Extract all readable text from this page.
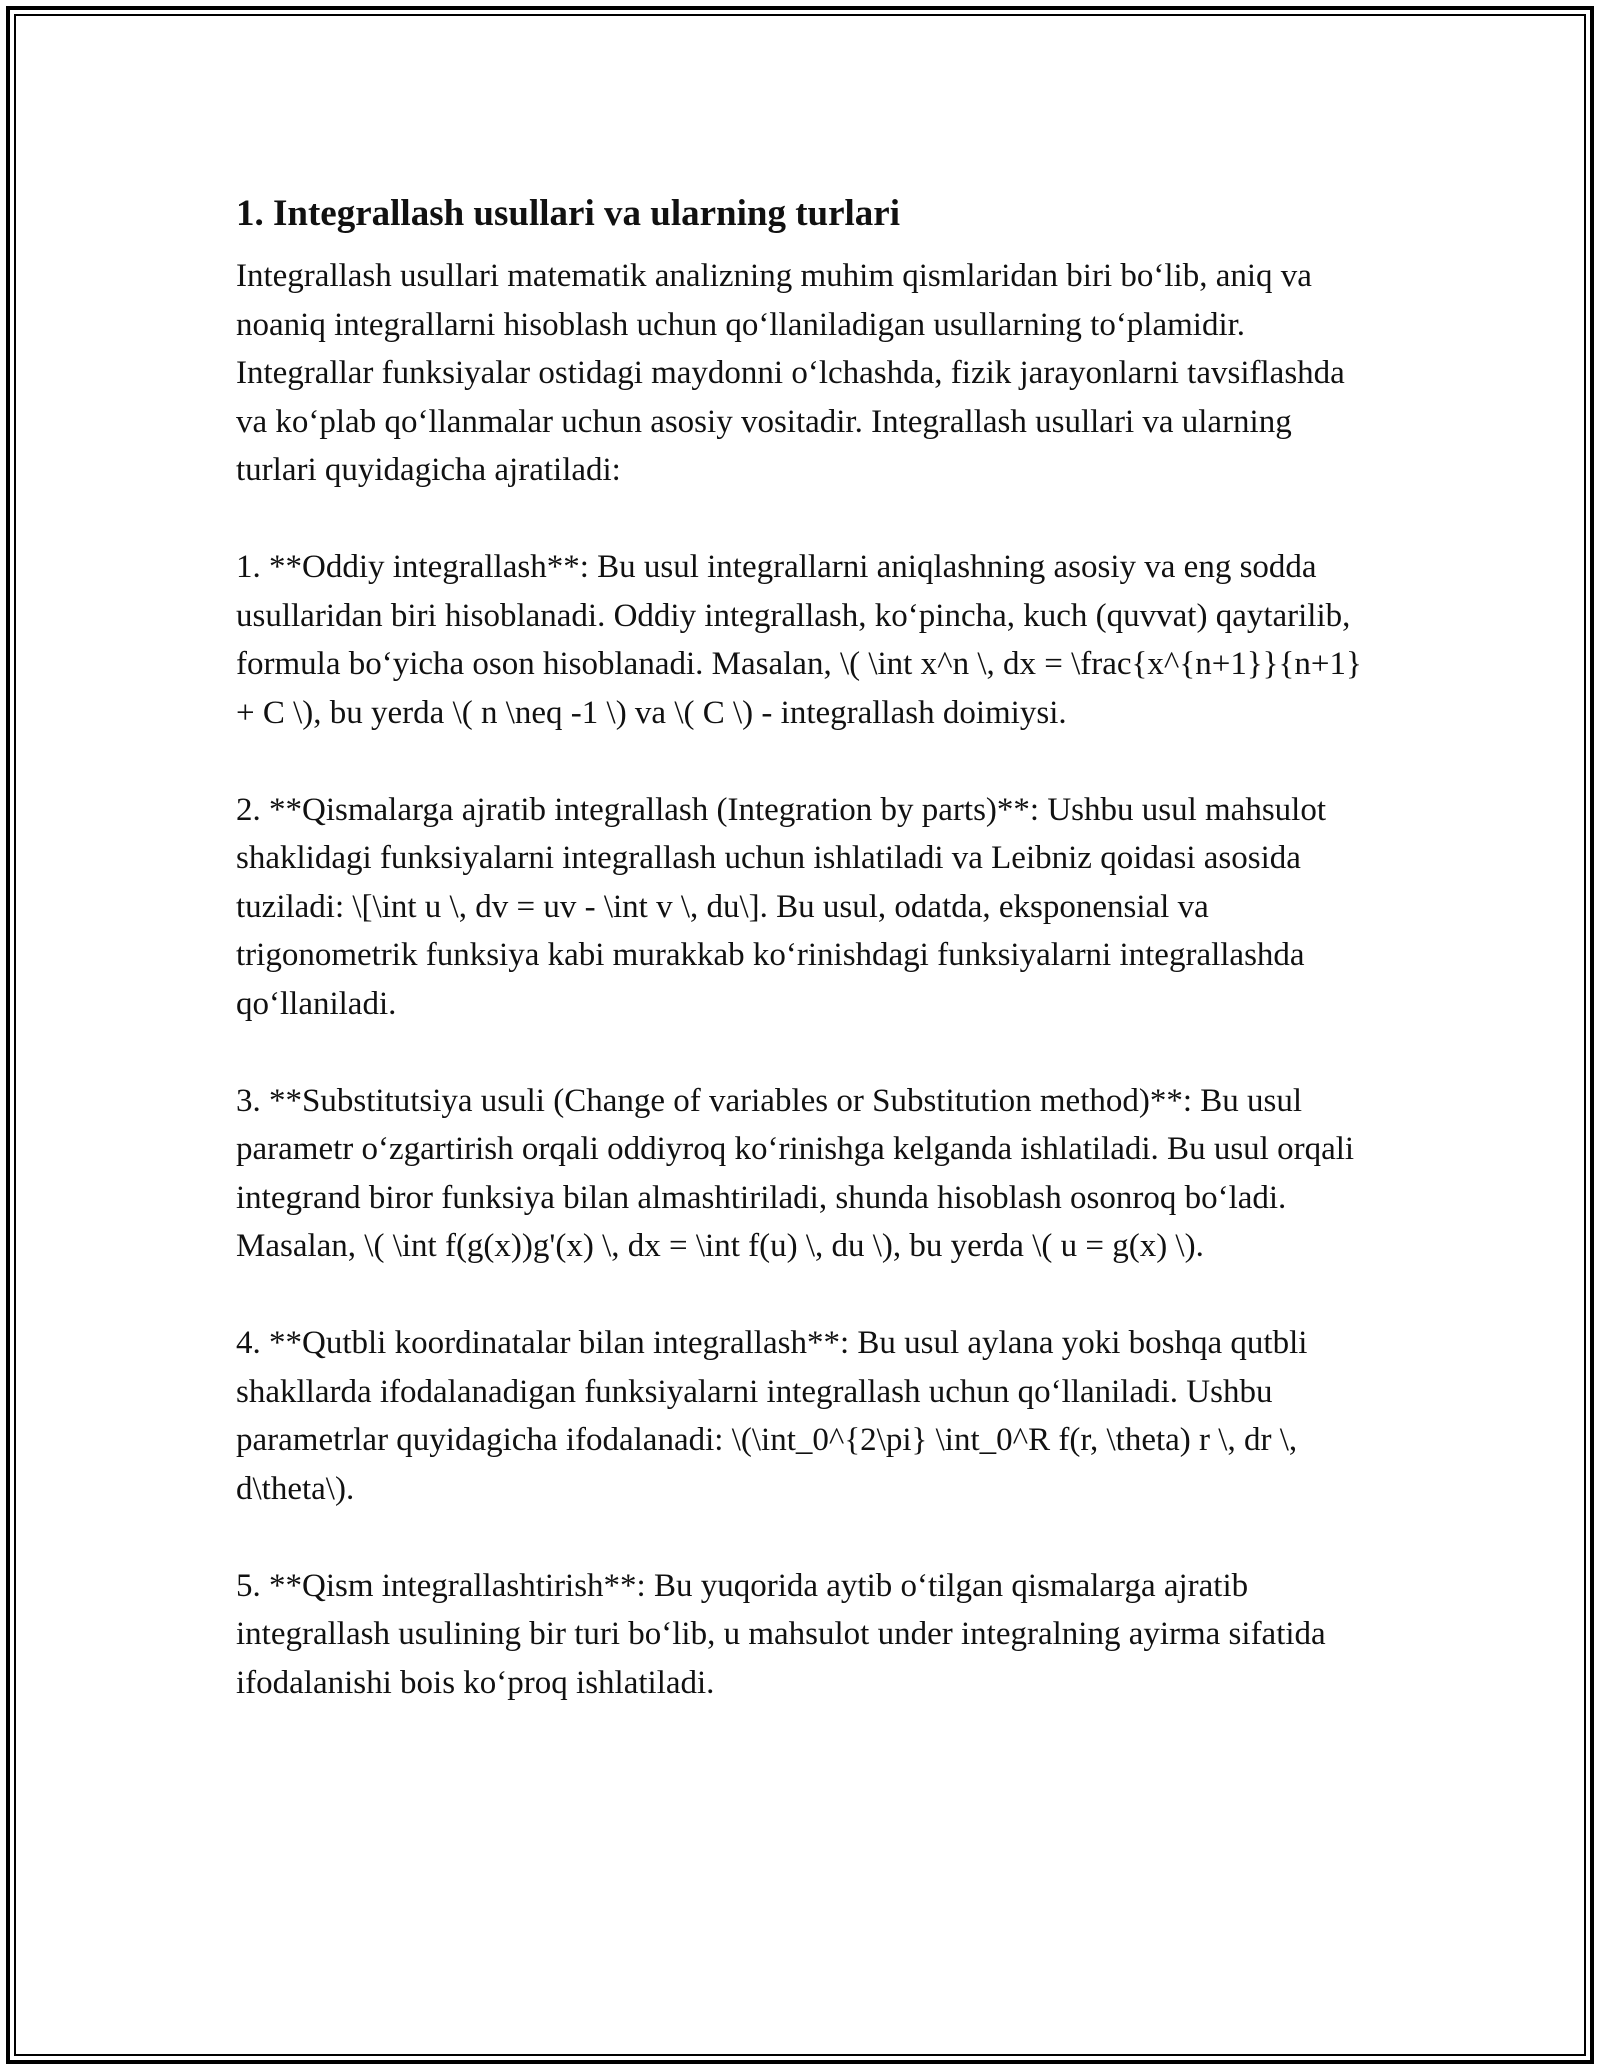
1. Integrallash usullari va ularning turlari

Integrallash usullari matematik analizning muhim qismlaridan biri boʻlib, aniq va noaniq integrallarni hisoblash uchun qoʻllaniladigan usullarning toʻplamidir. Integrallar funksiyalar ostidagi maydonni oʻlchashda, fizik jarayonlarni tavsiflashda va koʻplab qoʻllanmalar uchun asosiy vositadir. Integrallash usullari va ularning turlari quyidagicha ajratiladi:

1. **Oddiy integrallash**: Bu usul integrallarni aniqlashning asosiy va eng sodda usullaridan biri hisoblanadi. Oddiy integrallash, koʻpincha, kuch (quvvat) qaytarilib, formula boʻyicha oson hisoblanadi. Masalan, \( \int x^n \, dx = \frac{x^{n+1}}{n+1} + C \), bu yerda \( n \neq -1 \) va \( C \) - integrallash doimiysi.

2. **Qismalarga ajratib integrallash (Integration by parts)**: Ushbu usul mahsulot shaklidagi funksiyalarni integrallash uchun ishlatiladi va Leibniz qoidasi asosida tuziladi: \[\int u \, dv = uv - \int v \, du\]. Bu usul, odatda, eksponensial va trigonometrik funksiya kabi murakkab koʻrinishdagi funksiyalarni integrallashda qoʻllaniladi.

3. **Substitutsiya usuli (Change of variables or Substitution method)**: Bu usul parametr oʻzgartirish orqali oddiyroq koʻrinishga kelganda ishlatiladi. Bu usul orqali integrand biror funksiya bilan almashtiriladi, shunda hisoblash osonroq boʻladi. Masalan, \( \int f(g(x))g'(x) \, dx = \int f(u) \, du \), bu yerda \( u = g(x) \).

4. **Qutbli koordinatalar bilan integrallash**: Bu usul aylana yoki boshqa qutbli shakllarda ifodalanadigan funksiyalarni integrallash uchun qoʻllaniladi. Ushbu parametrlar quyidagicha ifodalanadi: \(\int_0^{2\pi} \int_0^R f(r, \theta) r \, dr \, d\theta\).

5. **Qism integrallashtirish**: Bu yuqorida aytib oʻtilgan qismalarga ajratib integrallash usulining bir turi boʻlib, u mahsulot under integralning ayirma sifatida ifodalanishi bois koʻproq ishlatiladi.
